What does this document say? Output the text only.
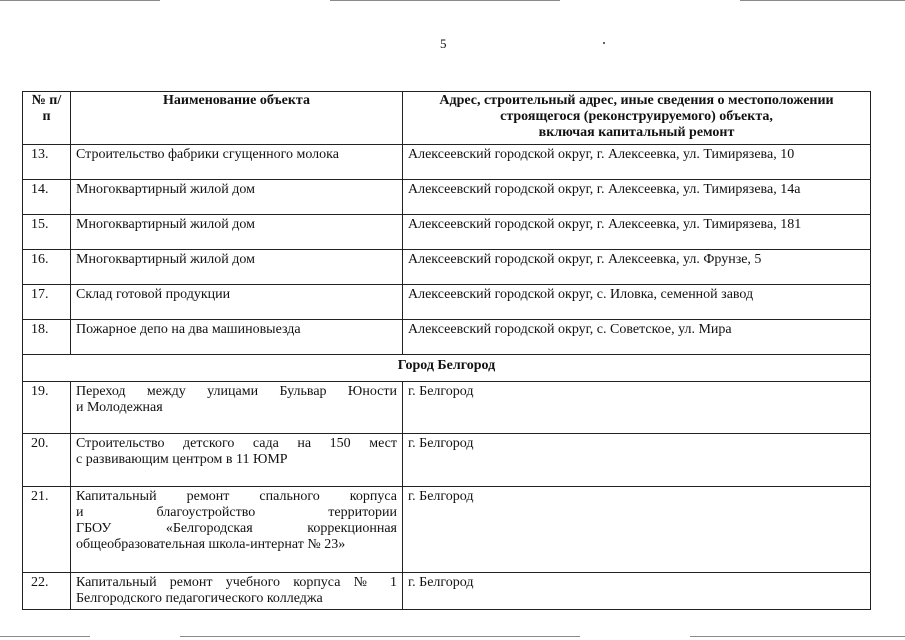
5
№ п/п	Наименование объекта	Адрес, строительный адрес, иные сведения о местоположении
строящегося (реконструируемого) объекта,
включая капитальный ремонт

13.	Строительство фабрики сгущенного молока	Алексеевский городской округ, г. Алексеевка, ул. Тимирязева, 10
14.	Многоквартирный жилой дом	Алексеевский городской округ, г. Алексеевка, ул. Тимирязева, 14а
15.	Многоквартирный жилой дом	Алексеевский городской округ, г. Алексеевка, ул. Тимирязева, 181
16.	Многоквартирный жилой дом	Алексеевский городской округ, г. Алексеевка, ул. Фрунзе, 5
17.	Склад готовой продукции	Алексеевский городской округ, с. Иловка, семенной завод
18.	Пожарное депо на два машиновыезда	Алексеевский городской округ, с. Советское, ул. Мира
Город Белгород		
19.	Переход между улицами Бульвар Юности
и Молодежная	г. Белгород
20.	Строительство детского сада на 150 мест
с развивающим центром в 11 ЮМР	г. Белгород
21.	Капитальный ремонт спального корпуса
и благоустройство территории
ГБОУ «Белгородская коррекционная
общеобразовательная школа-интернат № 23»	г. Белгород
22.	Капитальный ремонт учебного корпуса № 1
Белгородского педагогического колледжа	г. Белгород
